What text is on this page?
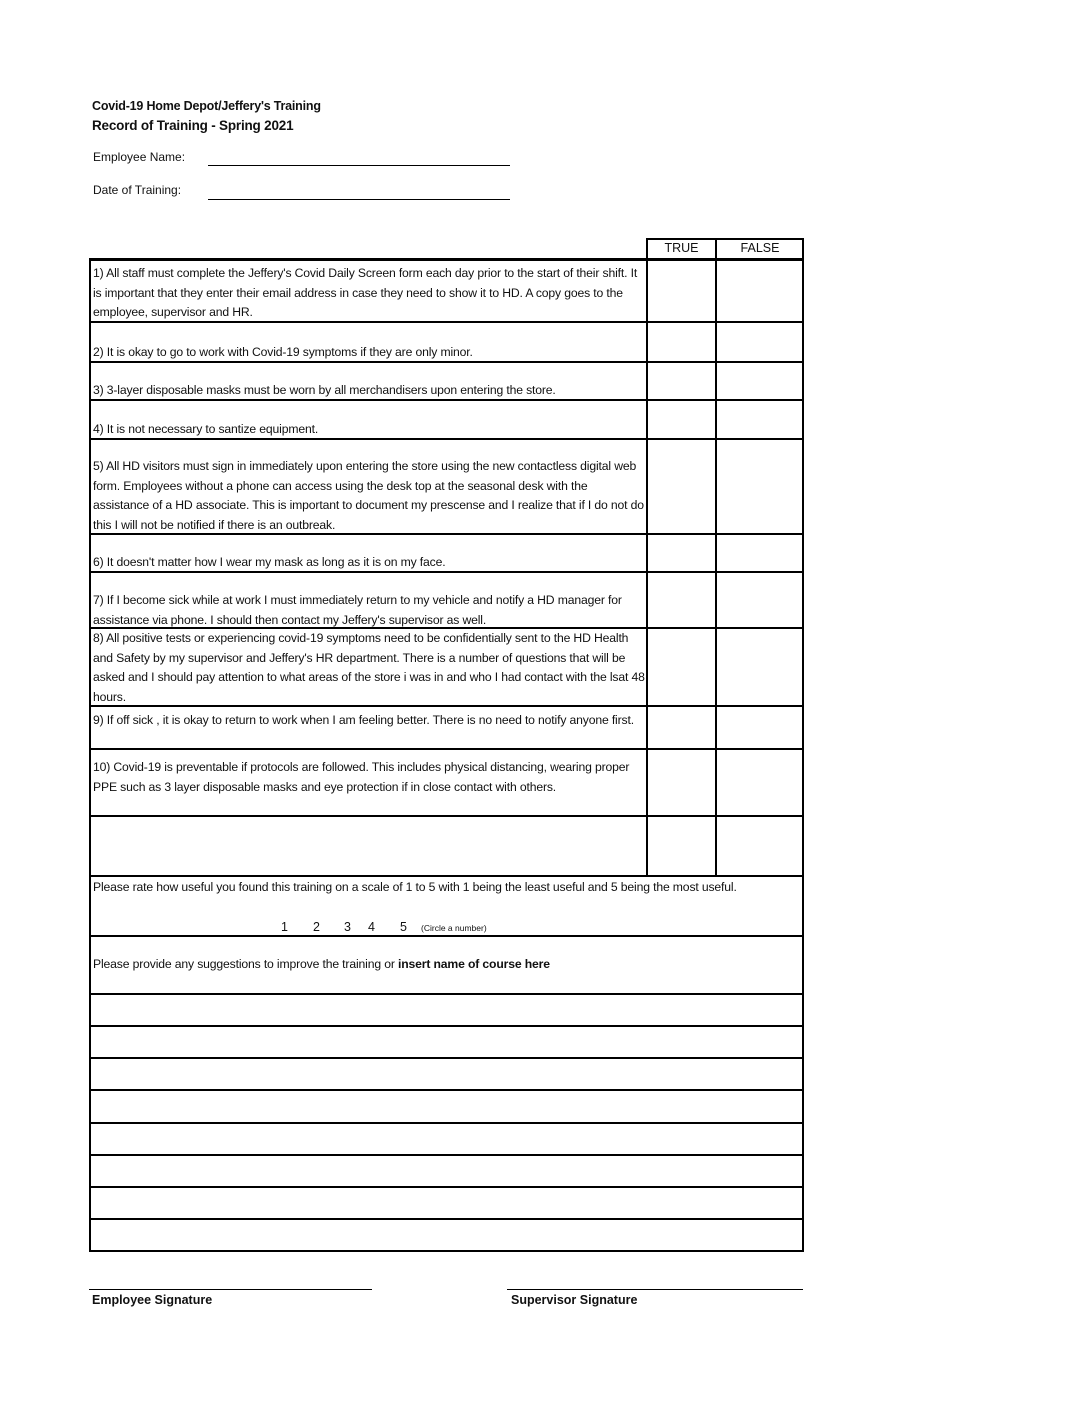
Covid-19 Home Depot/Jeffery's Training
Record of Training - Spring 2021
Employee Name:
Date of Training:
TRUE	FALSE
1) All staff must complete the Jeffery's Covid Daily Screen form each day prior to the start of their shift. It is important that they enter their email address in case they need to show it to HD. A copy goes to the employee, supervisor and HR.
2) It is okay to go to work with Covid-19 symptoms if they are only minor.
3) 3-layer disposable masks must be worn by all merchandisers upon entering the store.
4) It is not necessary to santize equipment.
5) All HD visitors must sign in immediately upon entering the store using the new contactless digital web form. Employees without a phone can access using the desk top at the seasonal desk with the assistance of a HD associate. This is important to document my prescense and I realize that if I do not do this I will not be notified if there is an outbreak.
6) It doesn't matter how I wear my mask as long as it is on my face.
7) If I become sick while at work I must immediately return to my vehicle and notify a HD manager for assistance via phone. I should then contact my Jeffery's supervisor as well.
8) All positive tests or experiencing covid-19 symptoms need to be confidentially sent to the HD Health and Safety by my supervisor and Jeffery's HR department. There is a number of questions that will be asked and I should pay attention to what areas of the store i was in and who I had contact with the lsat 48 hours.
9) If off sick , it is okay to return to work when I am feeling better. There is no need to notify anyone first.
10) Covid-19 is preventable if protocols are followed. This includes physical distancing, wearing proper PPE such as 3 layer disposable masks and eye protection if in close contact with others.
Please rate how useful you found this training on a scale of 1 to 5 with 1 being the least useful and 5 being the most useful.
1 2 3 4 5 (Circle a number)
Please provide any suggestions to improve the training or insert name of course here
Employee Signature	Supervisor Signature
